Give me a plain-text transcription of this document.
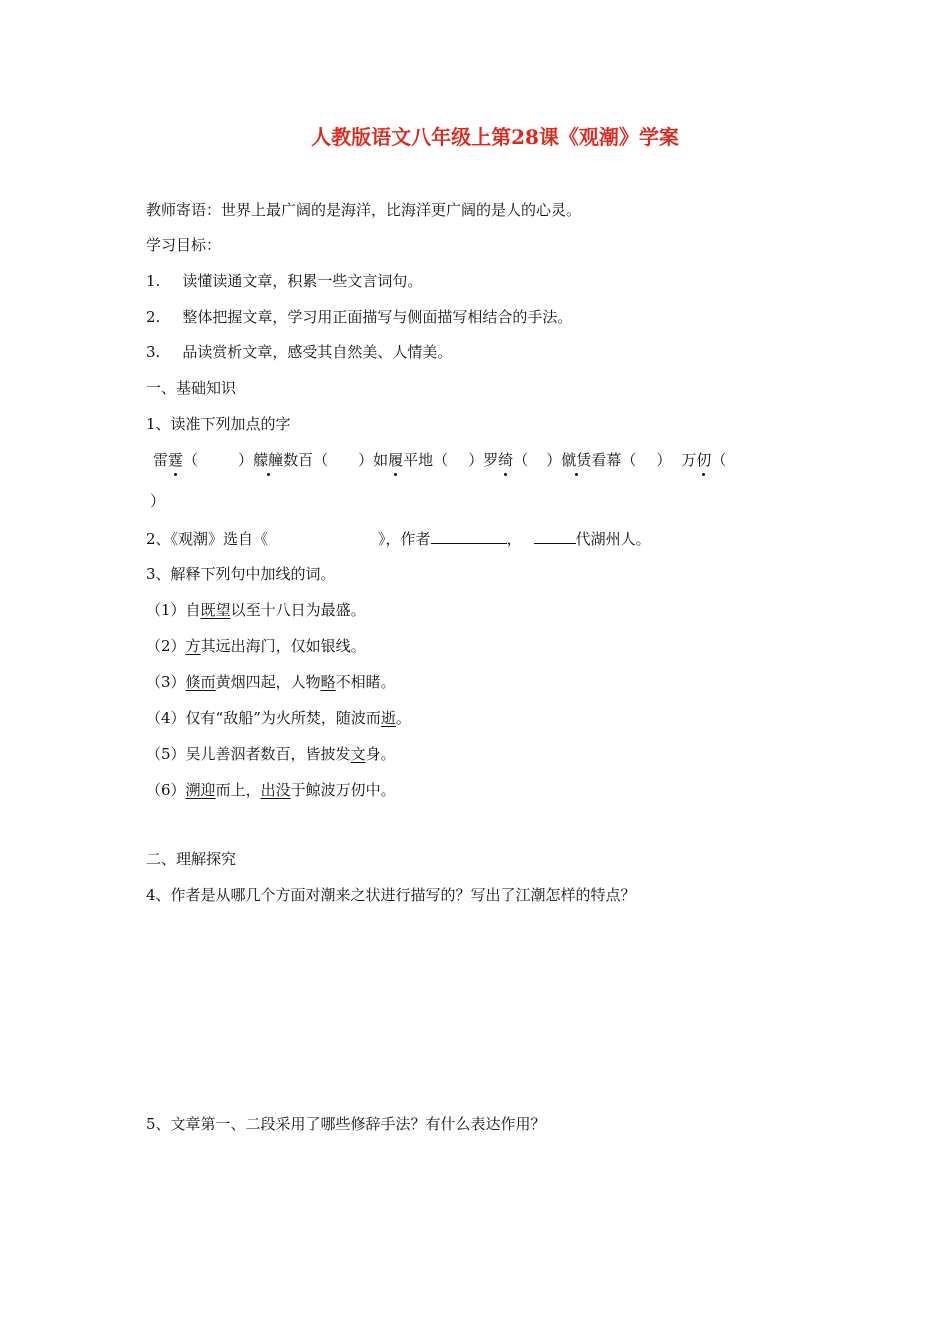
人教版语文八年级上第28课《观潮》学案
教师寄语：世界上最广阔的是海洋，比海洋更广阔的是人的心灵。
学习目标：
1. 读懂读通文章，积累一些文言词句。
2. 整体把握文章，学习用正面描写与侧面描写相结合的手法。
3. 品读赏析文章，感受其自然美、人情美。
一、基础知识
1、读准下列加点的字
雷霆（	）艨艟数百（ ）如履平地（ ）罗绮（ ）僦赁看幕（ ） 万仞（
）
2、《观潮》选自《	》，作者	，	代湖州人。
3、解释下列句中加线的词。
（1）自既望以至十八日为最盛。
（2）方其远出海门，仅如银线。
（3）倏而黄烟四起，人物略不相睹。
（4）仅有“敌船”为火所焚，随波而逝。
（5）吴儿善泅者数百，皆披发文身。
（6）溯迎而上，出没于鲸波万仞中。
二、理解探究
4、作者是从哪几个方面对潮来之状进行描写的？写出了江潮怎样的特点？
5、文章第一、二段采用了哪些修辞手法？有什么表达作用？
